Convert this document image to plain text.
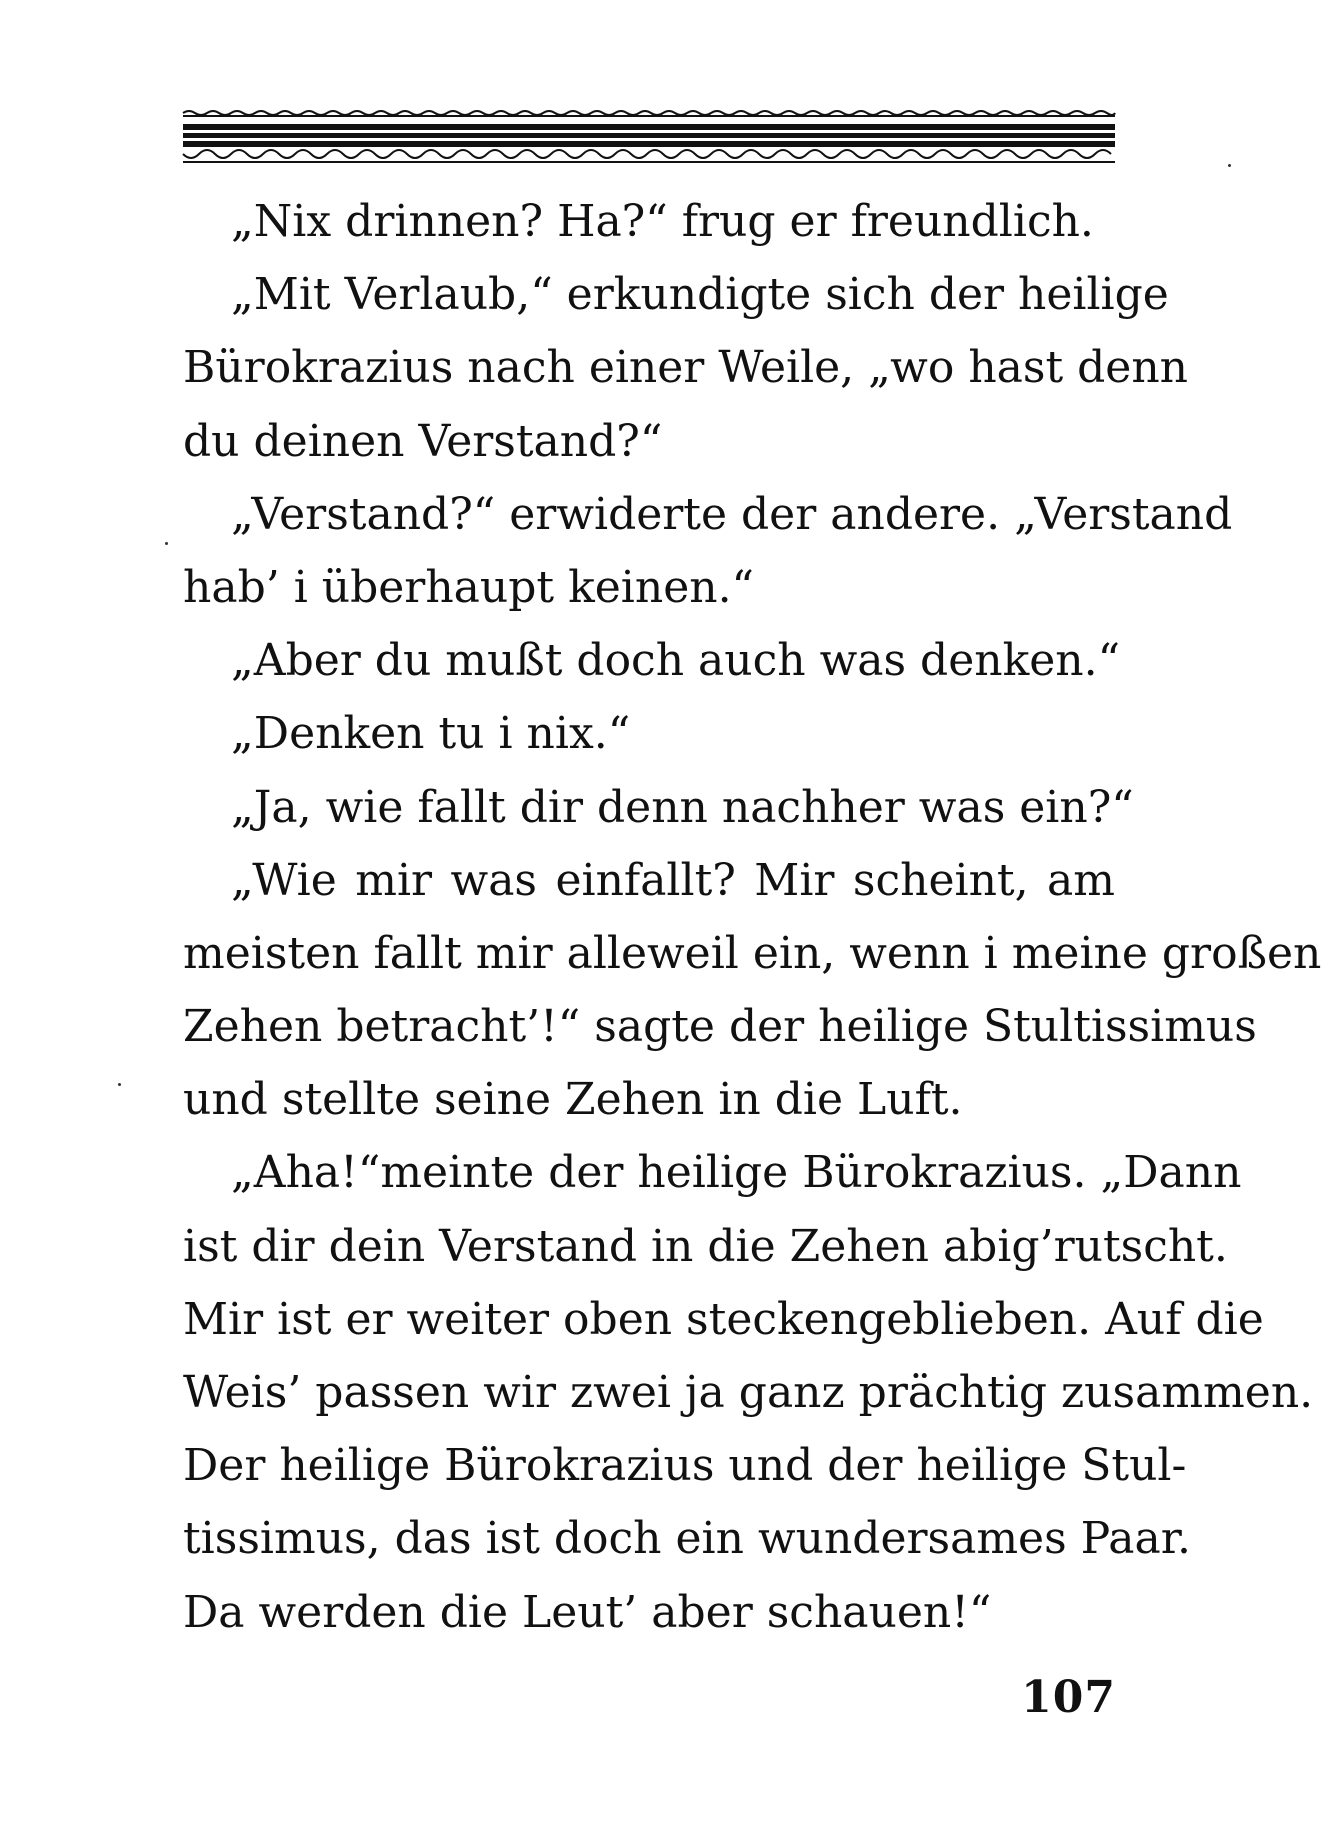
„Nix drinnen? Ha?“ frug er freundlich.
„Mit Verlaub,“ erkundigte sich der heilige
Bürokrazius nach einer Weile, „wo hast denn
du deinen Verstand?“
„Verstand?“ erwiderte der andere. „Verstand
hab’ i überhaupt keinen.“
„Aber du mußt doch auch was denken.“
„Denken tu i nix.“
„Ja, wie fallt dir denn nachher was ein?“
„Wie mir was einfallt? Mir scheint, am
meisten fallt mir alleweil ein, wenn i meine großen
Zehen betracht’!“ sagte der heilige Stultissimus
und stellte seine Zehen in die Luft.
„Aha!“meinte der heilige Bürokrazius. „Dann
ist dir dein Verstand in die Zehen abig’rutscht.
Mir ist er weiter oben steckengeblieben. Auf die
Weis’ passen wir zwei ja ganz prächtig zusammen.
Der heilige Bürokrazius und der heilige Stul-
tissimus, das ist doch ein wundersames Paar.
Da werden die Leut’ aber schauen!“
107
